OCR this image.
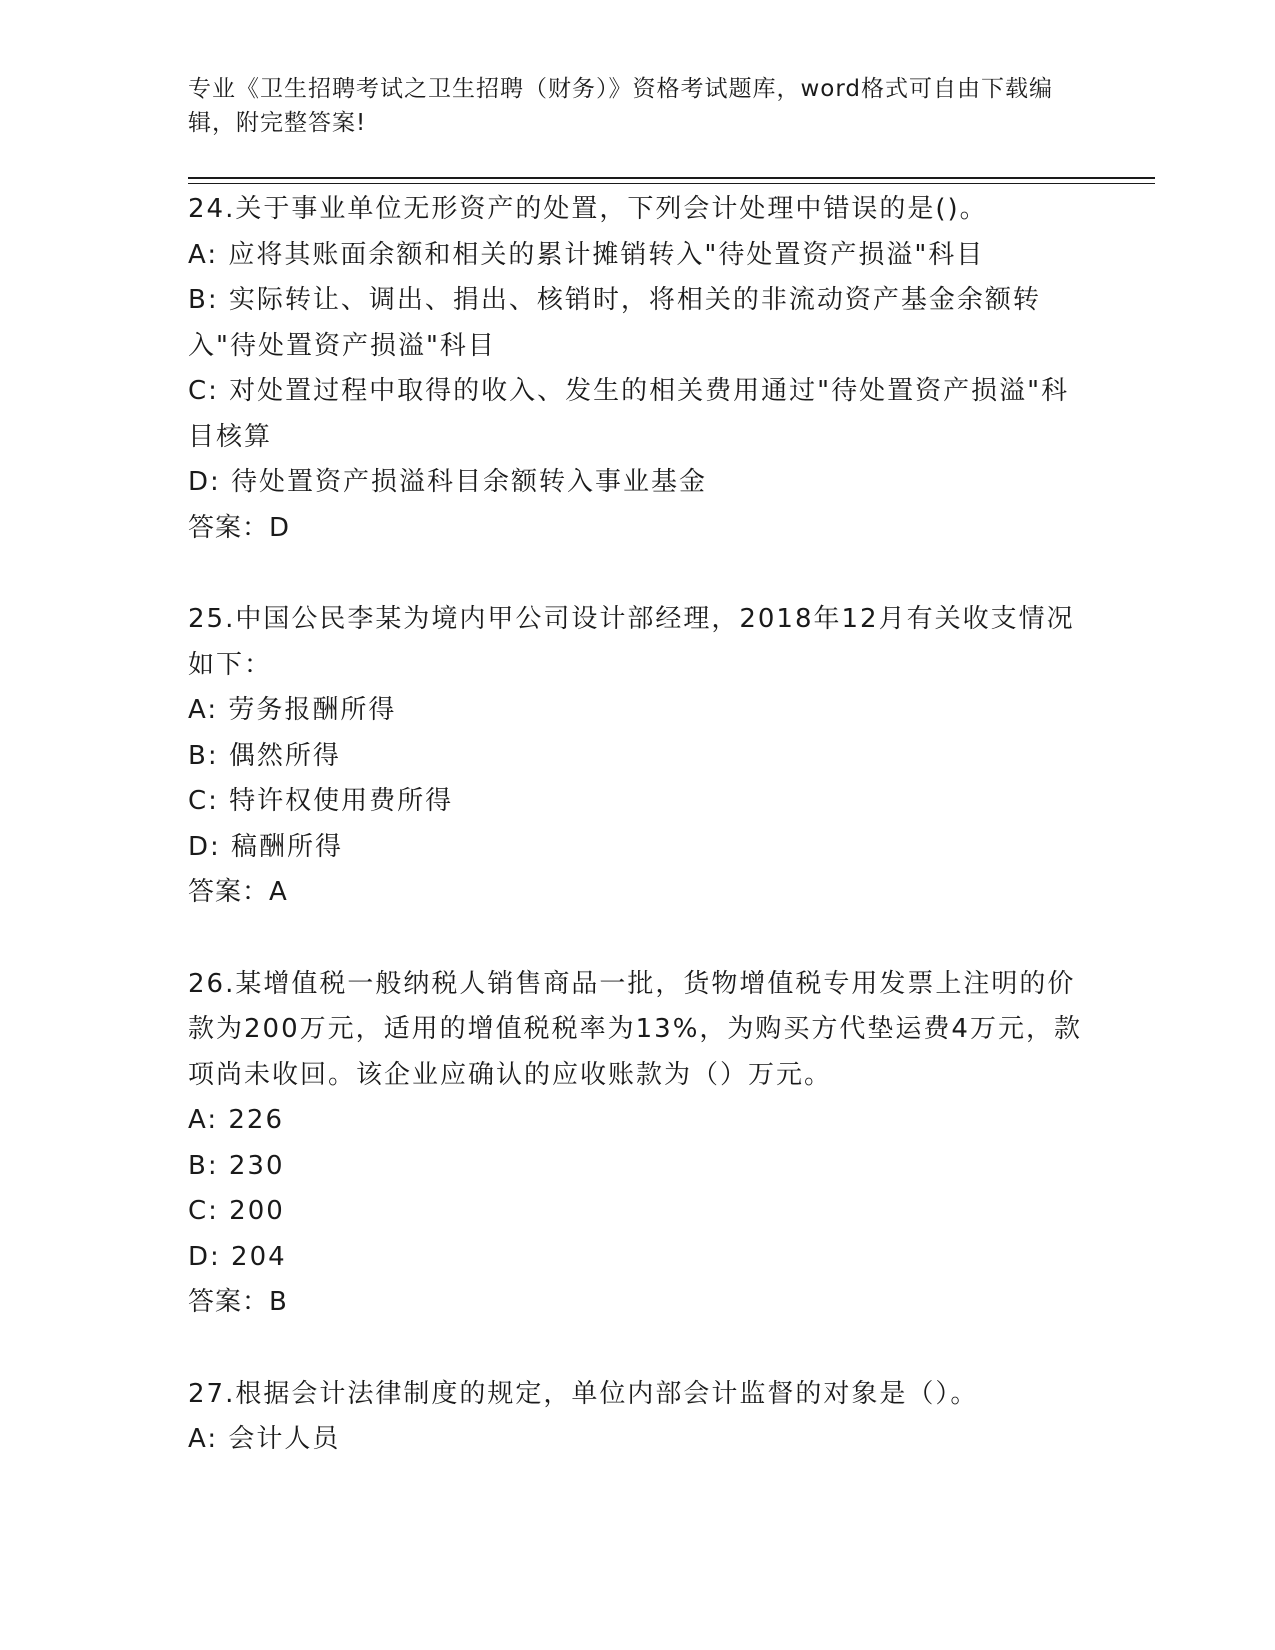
专业《卫生招聘考试之卫生招聘（财务）》资格考试题库，word格式可自由下载编辑，附完整答案!
24.关于事业单位无形资产的处置，下列会计处理中错误的是()。
A: 应将其账面余额和相关的累计摊销转入"待处置资产损溢"科目
B: 实际转让、调出、捐出、核销时，将相关的非流动资产基金余额转入"待处置资产损溢"科目
C: 对处置过程中取得的收入、发生的相关费用通过"待处置资产损溢"科目核算
D: 待处置资产损溢科目余额转入事业基金
答案：D
25.中国公民李某为境内甲公司设计部经理，2018年12月有关收支情况如下：
A: 劳务报酬所得
B: 偶然所得
C: 特许权使用费所得
D: 稿酬所得
答案：A
26.某增值税一般纳税人销售商品一批，货物增值税专用发票上注明的价款为200万元，适用的增值税税率为13%，为购买方代垫运费4万元，款项尚未收回。该企业应确认的应收账款为（）万元。
A: 226
B: 230
C: 200
D: 204
答案：B
27.根据会计法律制度的规定，单位内部会计监督的对象是（）。
A: 会计人员
